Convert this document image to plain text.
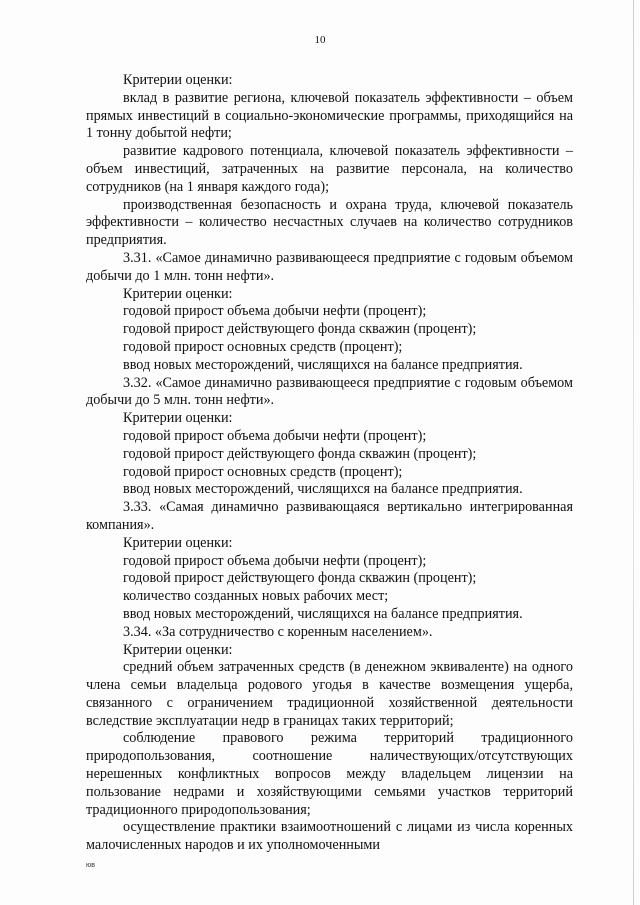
10

Критерии оценки:

вклад в развитие региона, ключевой показатель эффективности – объем прямых инвестиций в социально-экономические программы, приходящийся на 1 тонну добытой нефти;

развитие кадрового потенциала, ключевой показатель эффективности – объем инвестиций, затраченных на развитие персонала, на количество сотрудников (на 1 января каждого года);

производственная безопасность и охрана труда, ключевой показатель эффективности – количество несчастных случаев на количество сотрудников предприятия.

3.31. «Самое динамично развивающееся предприятие с годовым объемом добычи до 1 млн. тонн нефти».

Критерии оценки:

годовой прирост объема добычи нефти (процент);

годовой прирост действующего фонда скважин (процент);

годовой прирост основных средств (процент);

ввод новых месторождений, числящихся на балансе предприятия.

3.32. «Самое динамично развивающееся предприятие с годовым объемом добычи до 5 млн. тонн нефти».

Критерии оценки:

годовой прирост объема добычи нефти (процент);

годовой прирост действующего фонда скважин (процент);

годовой прирост основных средств (процент);

ввод новых месторождений, числящихся на балансе предприятия.

3.33. «Самая динамично развивающаяся вертикально интегрированная компания».

Критерии оценки:

годовой прирост объема добычи нефти (процент);

годовой прирост действующего фонда скважин (процент);

количество созданных новых рабочих мест;

ввод новых месторождений, числящихся на балансе предприятия.

3.34. «За сотрудничество с коренным населением».

Критерии оценки:

средний объем затраченных средств (в денежном эквиваленте) на одного члена семьи владельца родового угодья в качестве возмещения ущерба, связанного с ограничением традиционной хозяйственной деятельности вследствие эксплуатации недр в границах таких территорий;

соблюдение правового режима территорий традиционного природопользования, соотношение наличествующих/отсутствующих нерешенных конфликтных вопросов между владельцем лицензии на пользование недрами и хозяйствующими семьями участков территорий традиционного природопользования;

осуществление практики взаимоотношений с лицами из числа коренных малочисленных народов и их уполномоченными

юв
